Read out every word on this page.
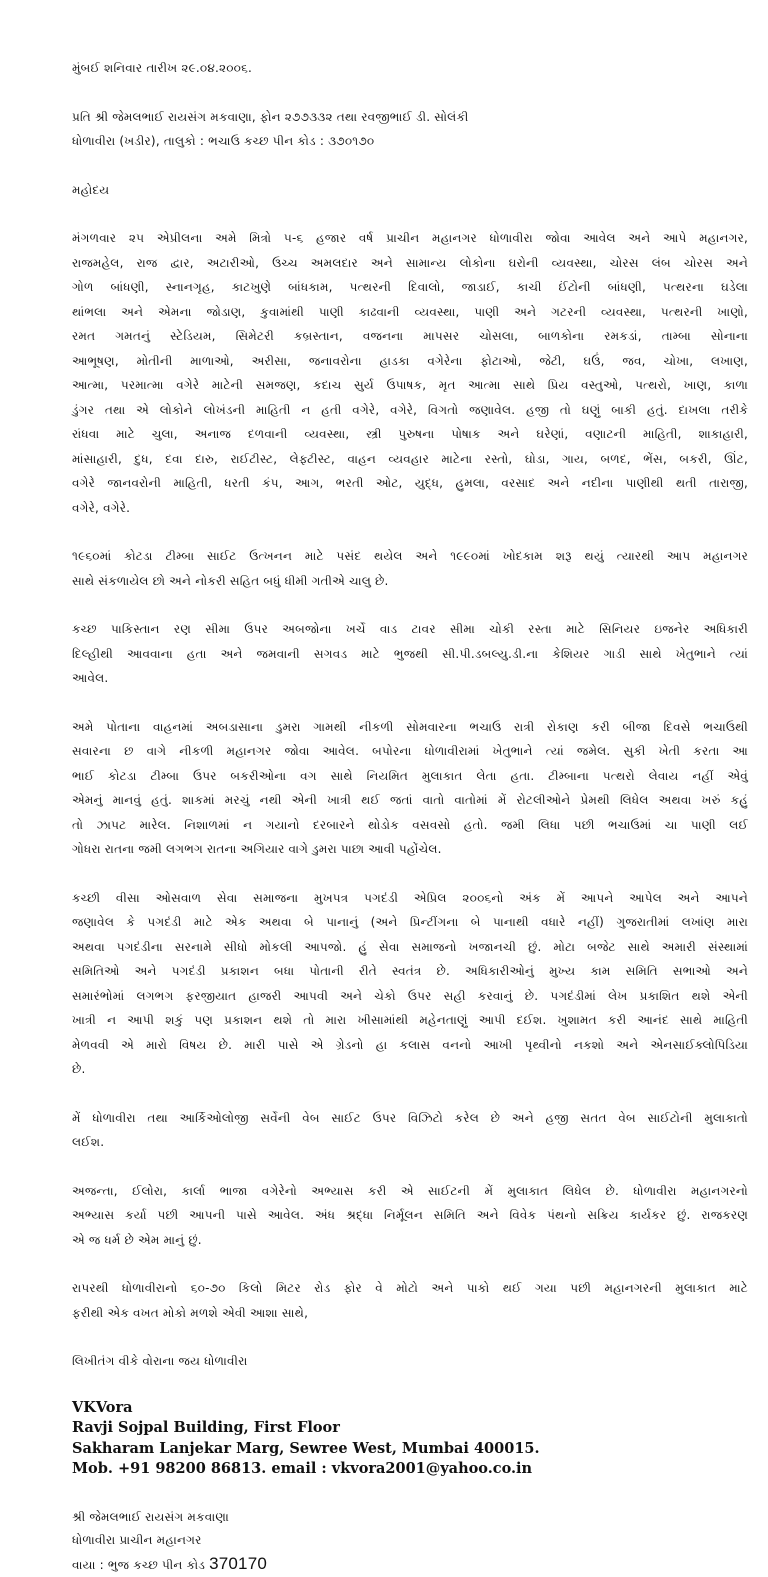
મુંબઈ શનિવાર તારીખ ૨૯.૦૪.૨૦૦૬.
પ્રતિ શ્રી જેમલભાઈ રાયસંગ મકવાણા, ફોન ૨૭૭૩૩૨ તથા રવજીભાઈ ડી. સોલંકી
ધોળાવીરા (ખડીર), તાલુકો : ભચાઉ કચ્છ પીન કોડ : ૩૭૦૧૭૦
મહોદય
મંગળવાર ૨૫ એપ્રીલના અમે મિત્રો ૫-૬ હજાર વર્ષ પ્રાચીન મહાનગર ધોળાવીરા જોવા આવેલ અને આપે મહાનગર,
રાજમહેલ, રાજ દ્વાર, અટારીઓ, ઉચ્ચ અમલદાર અને સામાન્ય લોકોના ઘરોની વ્યવસ્થા, ચોરસ લંબ ચોરસ અને
ગોળ બાંધણી, સ્નાનગૃહ, કાટખુણે બાંધકામ, પત્થરની દિવાલો, જાડાઈ, કાચી ઈંટોની બાંધણી, પત્થરના ઘડેલા
થાંભલા અને એમના જોડાણ, કુવામાંથી પાણી કાઢવાની વ્યવસ્થા, પાણી અને ગટરની વ્યવસ્થા, પત્થરની ખાણો,
રમત ગમતનું સ્ટેડિયમ, સિમેટરી કબ્રસ્તાન, વજનના માપસર ચોસલા, બાળકોના રમકડાં, તામ્બા સોનાના
આભૂષણ, મોતીની માળાઓ, અરીસા, જનાવરોના હાડકા વગેરેના ફોટાઓ, જેટી, ઘઉં, જવ, ચોખા, લખાણ,
આત્મા, પરમાત્મા વગેરે માટેની સમજણ, કદાચ સુર્ય ઉપાષક, મૃત આત્મા સાથે પ્રિય વસ્તુઓ, પત્થરો, ખાણ, કાળા
ડુંગર તથા એ લોકોને લોખંડની માહિતી ન હતી વગેરે, વગેરે, વિગતો જણાવેલ. હજી તો ઘણું બાકી હતું. દાખલા તરીકે
રાંધવા માટે ચુલા, અનાજ દળવાની વ્યવસ્થા, સ્ત્રી પુરુષના પોષાક અને ઘરેણાં, વણાટની માહિતી, શાકાહારી,
માંસાહારી, દુધ, દવા દારુ, રાઈટીસ્ટ, લેફ્ટીસ્ટ, વાહન વ્યવહાર માટેના રસ્તો, ઘોડા, ગાય, બળદ, ભેંસ, બકરી, ઊંટ,
વગેરે જાનવરોની માહિતી, ધરતી કંપ, આગ, ભરતી ઓટ, યુદ્ધ, હુમલા, વરસાદ અને નદીના પાણીથી થતી તારાજી,
વગેરે, વગેરે.
૧૯૬૦માં કોટડા ટીમ્બા સાઈટ ઉત્ખનન માટે પસંદ થયેલ અને ૧૯૯૦માં ખોદકામ શરૂ થયું ત્યારથી આપ મહાનગર
સાથે સંકળાયેલ છો અને નોકરી સહિત બધું ધીમી ગતીએ ચાલુ છે.
કચ્છ પાકિસ્તાન રણ સીમા ઉપર અબજોના ખર્ચે વાડ ટાવર સીમા ચોકી રસ્તા માટે સિનિયર ઇજનેર અધિકારી
દિલ્હીથી આવવાના હતા અને જમવાની સગવડ માટે ભુજથી સી.પી.ડબલ્યુ.ડી.ના કેશિયર ગાડી સાથે ખેતુભાને ત્યાં
આવેલ.
અમે પોતાના વાહનમાં અબડાસાના ડુમરા ગામથી નીકળી સોમવારના ભચાઉ રાત્રી રોકાણ કરી બીજા દિવસે ભચાઉથી
સવારના છ વાગે નીકળી મહાનગર જોવા આવેલ. બપોરના ધોળાવીરામાં ખેતુભાને ત્યાં જમેલ. સુકી ખેતી કરતા આ
ભાઈ કોટડા ટીમ્બા ઉપર બકરીઓના વગ સાથે નિયમિત મુલાકાત લેતા હતા. ટીમ્બાના પત્થરો લેવાય નહીં એવું
એમનું માનવું હતું. શાકમાં મરચું નથી એની ખાત્રી થઈ જતાં વાતો વાતોમાં મેં રોટલીઓને પ્રેમથી લિધેલ અથવા ખરું કહું
તો ઝાપટ મારેલ. નિશાળમાં ન ગયાનો દરબારને થોડોક વસવસો હતો. જમી લિધા પછી ભચાઉમાં ચા પાણી લઈ
ગોધરા રાતના જમી લગભગ રાતના અગિયાર વાગે ડુમરા પાછા આવી પહોંચેલ.
કચ્છી વીસા ઓસવાળ સેવા સમાજના મુખપત્ર પગદંડી એપ્રિલ ૨૦૦૬નો અંક મેં આપને આપેલ અને આપને
જણાવેલ કે પગદંડી માટે એક અથવા બે પાનાનું (અને પ્રિન્ટીંગના બે પાનાથી વધારે નહીં) ગુજરાતીમાં લખાંણ મારા
અથવા પગદંડીના સરનામે સીધો મોકલી આપજો. હું સેવા સમાજનો ખજાનચી છું. મોટા બજેટ સાથે અમારી સંસ્થામાં
સમિતિઓ અને પગદંડી પ્રકાશન બધા પોતાની રીતે સ્વતંત્ર છે. અધિકારીઓનું મુખ્ય કામ સમિતિ સભાઓ અને
સમારંભોમાં લગભગ ફરજીયાત હાજરી આપવી અને ચેકો ઉપર સહી કરવાનું છે. પગદંડીમાં લેખ પ્રકાશિત થશે એની
ખાત્રી ન આપી શકું પણ પ્રકાશન થશે તો મારા ખીસામાંથી મહેનતાણું આપી દઈશ. ખુશામત કરી આનંદ સાથે માહિતી
મેળવવી એ મારો વિષય છે. મારી પાસે એ ગ્રેડનો હા કલાસ વનનો આખી પૃથ્વીનો નકશો અને એનસાઈક્લોપિડિયા
છે.
મેં ધોળાવીરા તથા આર્કિઓલોજી સર્વેની વેબ સાઈટ ઉપર વિઝિટો કરેલ છે અને હજી સતત વેબ સાઈટોની મુલાકાતો
લઈશ.
અજન્તા, ઈલોરા, કાર્લા ભાજા વગેરેનો અભ્યાસ કરી એ સાઈટની મેં મુલાકાત લિધેલ છે. ધોળાવીરા મહાનગરનો
અભ્યાસ કર્યા પછી આપની પાસે આવેલ. અંધ શ્રદ્ધા નિર્મૂલન સમિતિ અને વિવેક પંથનો સક્રિય કાર્યકર છું. રાજકરણ
એ જ ધર્મ છે એમ માનું છું.
રાપરથી ધોળાવીરાનો ૬૦-૭૦ કિલો મિટર રોડ ફોર વે મોટો અને પાકો થઈ ગયા પછી મહાનગરની મુલાકાત માટે
ફરીથી એક વખત મોકો મળશે એવી આશા સાથે,
લિખીતંગ વીકે વોરાના જય ધોળાવીરા
VKVora
Ravji Sojpal Building, First Floor
Sakharam Lanjekar Marg, Sewree West, Mumbai 400015.
Mob. +91 98200 86813. email : vkvora2001@yahoo.co.in
શ્રી જેમલભાઈ રાયસંગ મકવાણા
ધોળાવીરા પ્રાચીન મહાનગર
વાયા : ભુજ કચ્છ પીન કોડ 370170
